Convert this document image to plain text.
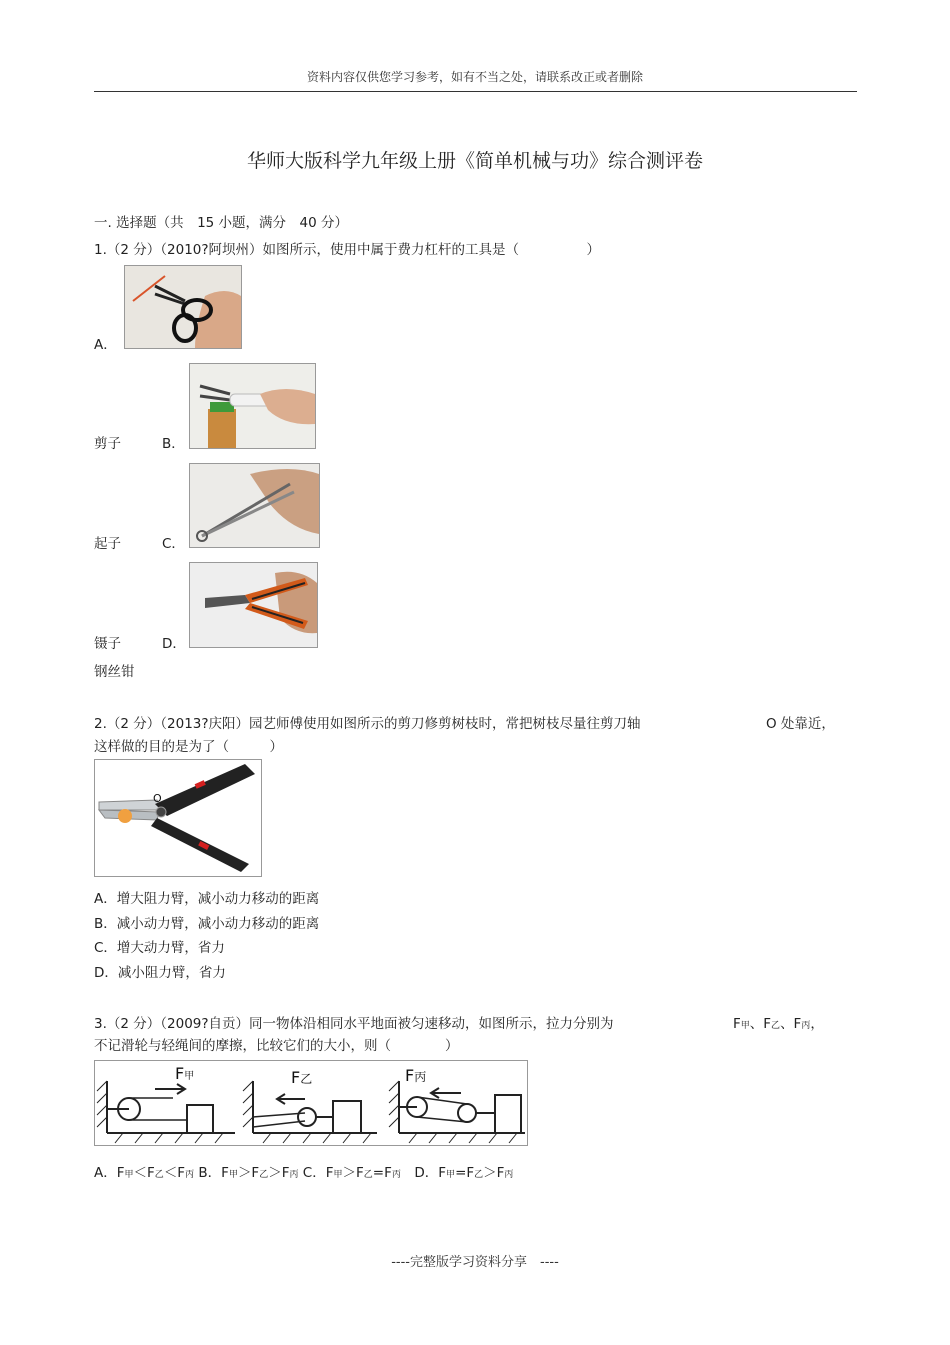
资料内容仅供您学习参考，如有不当之处，请联系改正或者删除
华师大版科学九年级上册《简单机械与功》综合测评卷
一. 选择题（共　15 小题，满分　40 分）
1.（2 分）（2010?阿坝州）如图所示，使用中属于费力杠杆的工具是（　　　　　）
A．
剪子	B．
起子	C．
镊子	D．
钢丝钳
2.（2 分）（2013?庆阳）园艺师傅使用如图所示的剪刀修剪树枝时，常把树枝尽量往剪刀轴	O 处靠近，
这样做的目的是为了（　　　）
O
A．增大阻力臂，减小动力移动的距离
B．减小动力臂，减小动力移动的距离
C．增大动力臂，省力
D．减小阻力臂，省力
3.（2 分）（2009?自贡）同一物体沿相同水平地面被匀速移动，如图所示，拉力分别为	F甲、F乙、F丙，
不记滑轮与轻绳间的摩擦，比较它们的大小，则（　　　　）
F甲	F乙	F丙
A．F甲＜F乙＜F丙 B．F甲＞F乙＞F丙 C．F甲＞F乙=F丙　D．F甲=F乙＞F丙
----完整版学习资料分享　----
